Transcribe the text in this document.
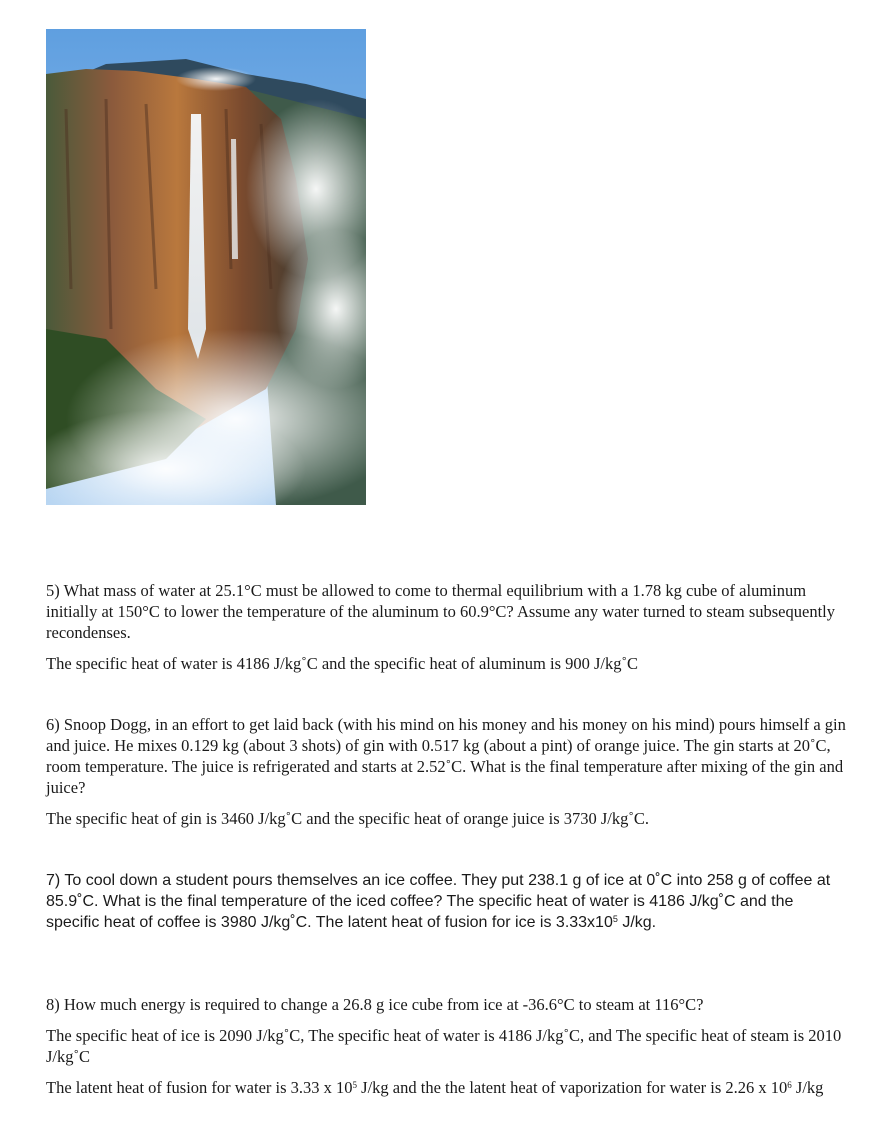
5) What mass of water at 25.1°C must be allowed to come to thermal equilibrium with a 1.78 kg cube of aluminum initially at 150°C to lower the temperature of the aluminum to 60.9°C? Assume any water turned to steam subsequently recondenses.

The specific heat of water is 4186 J/kg˚C and the specific heat of aluminum is 900 J/kg˚C

6) Snoop Dogg, in an effort to get laid back (with his mind on his money and his money on his mind) pours himself a gin and juice. He mixes 0.129 kg (about 3 shots) of gin with 0.517 kg (about a pint) of orange juice. The gin starts at 20˚C, room temperature. The juice is refrigerated and starts at 2.52˚C. What is the final temperature after mixing of the gin and juice?

The specific heat of gin is 3460 J/kg˚C and the specific heat of orange juice is 3730 J/kg˚C.

7) To cool down a student pours themselves an ice coffee. They put 238.1 g of ice at 0˚C into 258 g of coffee at 85.9˚C. What is the final temperature of the iced coffee? The specific heat of water is 4186 J/kg˚C and the specific heat of coffee is 3980 J/kg˚C. The latent heat of fusion for ice is $3.33x10^5$ J/kg.

8) How much energy is required to change a 26.8 g ice cube from ice at -36.6°C to steam at 116°C?

The specific heat of ice is 2090 J/kg˚C, The specific heat of water is 4186 J/kg˚C, and The specific heat of steam is 2010 J/kg˚C

The latent heat of fusion for water is 3.33 x $10^5$ J/kg and the the latent heat of vaporization for water is 2.26 x $10^6$ J/kg
